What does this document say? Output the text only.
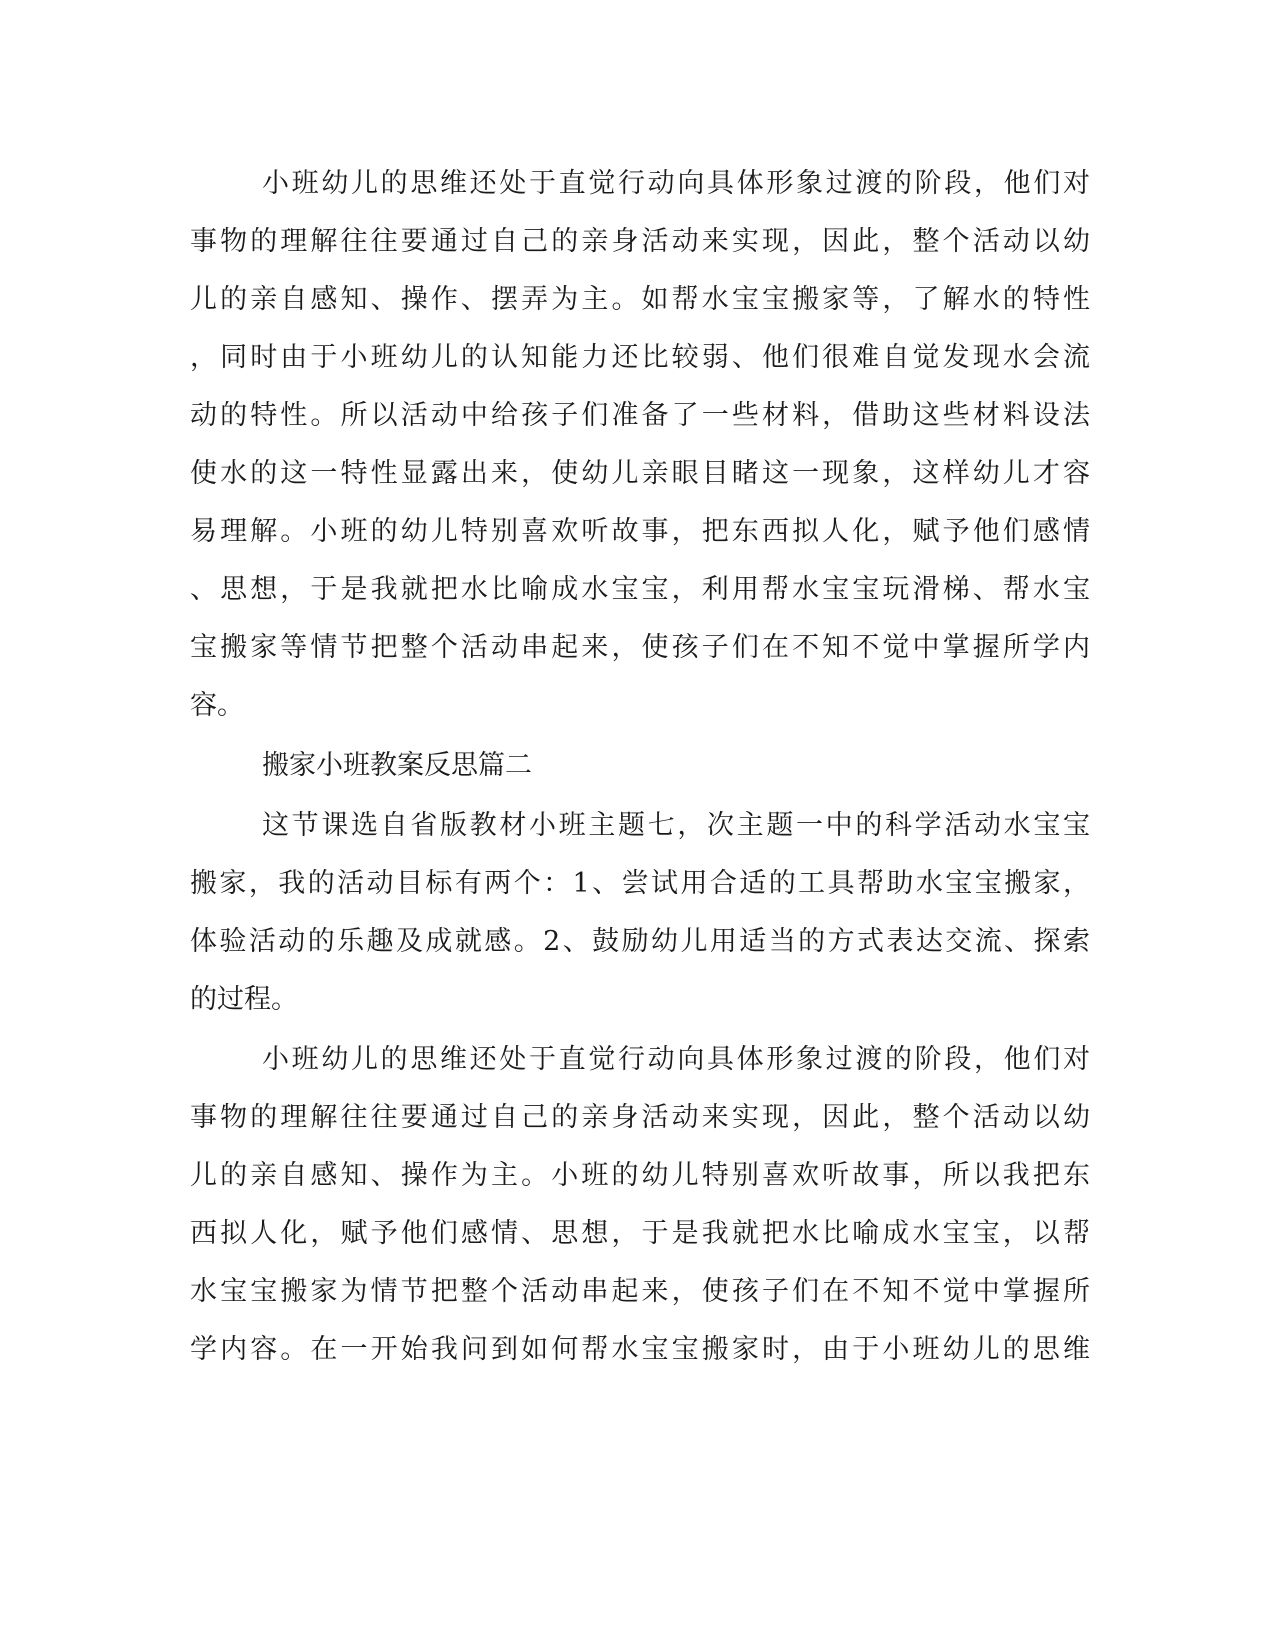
小班幼儿的思维还处于直觉行动向具体形象过渡的阶段，他们对
事物的理解往往要通过自己的亲身活动来实现，因此，整个活动以幼
儿的亲自感知、操作、摆弄为主。如帮水宝宝搬家等，了解水的特性
，同时由于小班幼儿的认知能力还比较弱、他们很难自觉发现水会流
动的特性。所以活动中给孩子们准备了一些材料，借助这些材料设法
使水的这一特性显露出来，使幼儿亲眼目睹这一现象，这样幼儿才容
易理解。小班的幼儿特别喜欢听故事，把东西拟人化，赋予他们感情
、思想，于是我就把水比喻成水宝宝，利用帮水宝宝玩滑梯、帮水宝
宝搬家等情节把整个活动串起来，使孩子们在不知不觉中掌握所学内
容。
搬家小班教案反思篇二
这节课选自省版教材小班主题七，次主题一中的科学活动水宝宝
搬家，我的活动目标有两个：1、尝试用合适的工具帮助水宝宝搬家，
体验活动的乐趣及成就感。2、鼓励幼儿用适当的方式表达交流、探索
的过程。
小班幼儿的思维还处于直觉行动向具体形象过渡的阶段，他们对
事物的理解往往要通过自己的亲身活动来实现，因此，整个活动以幼
儿的亲自感知、操作为主。小班的幼儿特别喜欢听故事，所以我把东
西拟人化，赋予他们感情、思想，于是我就把水比喻成水宝宝，以帮
水宝宝搬家为情节把整个活动串起来，使孩子们在不知不觉中掌握所
学内容。在一开始我问到如何帮水宝宝搬家时，由于小班幼儿的思维
